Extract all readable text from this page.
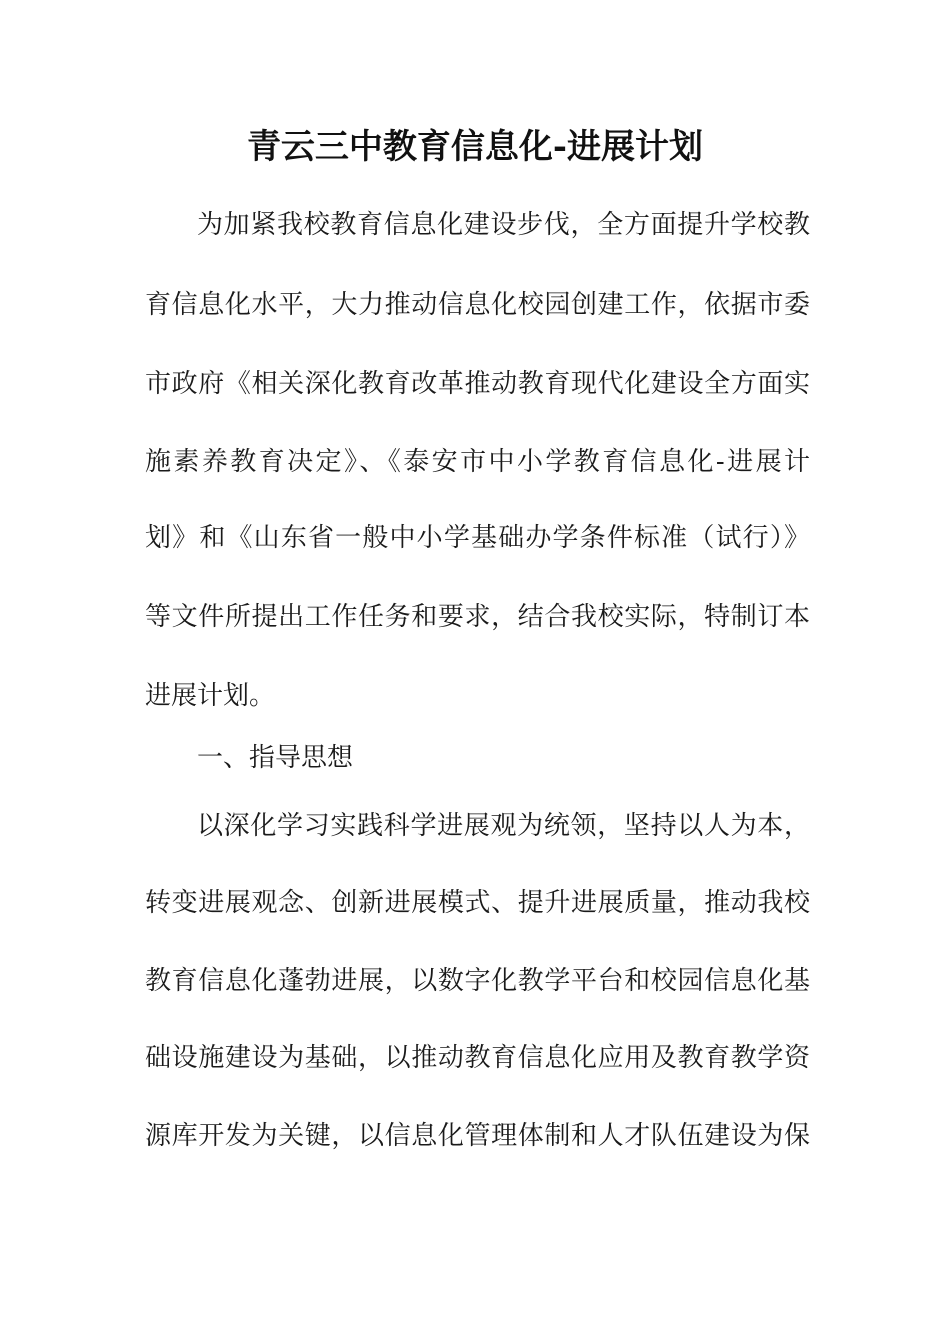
青云三中教育信息化-进展计划
为加紧我校教育信息化建设步伐，全方面提升学校教
育信息化水平，大力推动信息化校园创建工作，依据市委
市政府《相关深化教育改革推动教育现代化建设全方面实
施素养教育决定》、《泰安市中小学教育信息化-进展计
划》和《山东省一般中小学基础办学条件标准（试行）》
等文件所提出工作任务和要求，结合我校实际，特制订本
进展计划。
一、指导思想
以深化学习实践科学进展观为统领，坚持以人为本，
转变进展观念、创新进展模式、提升进展质量，推动我校
教育信息化蓬勃进展，以数字化教学平台和校园信息化基
础设施建设为基础，以推动教育信息化应用及教育教学资
源库开发为关键，以信息化管理体制和人才队伍建设为保
